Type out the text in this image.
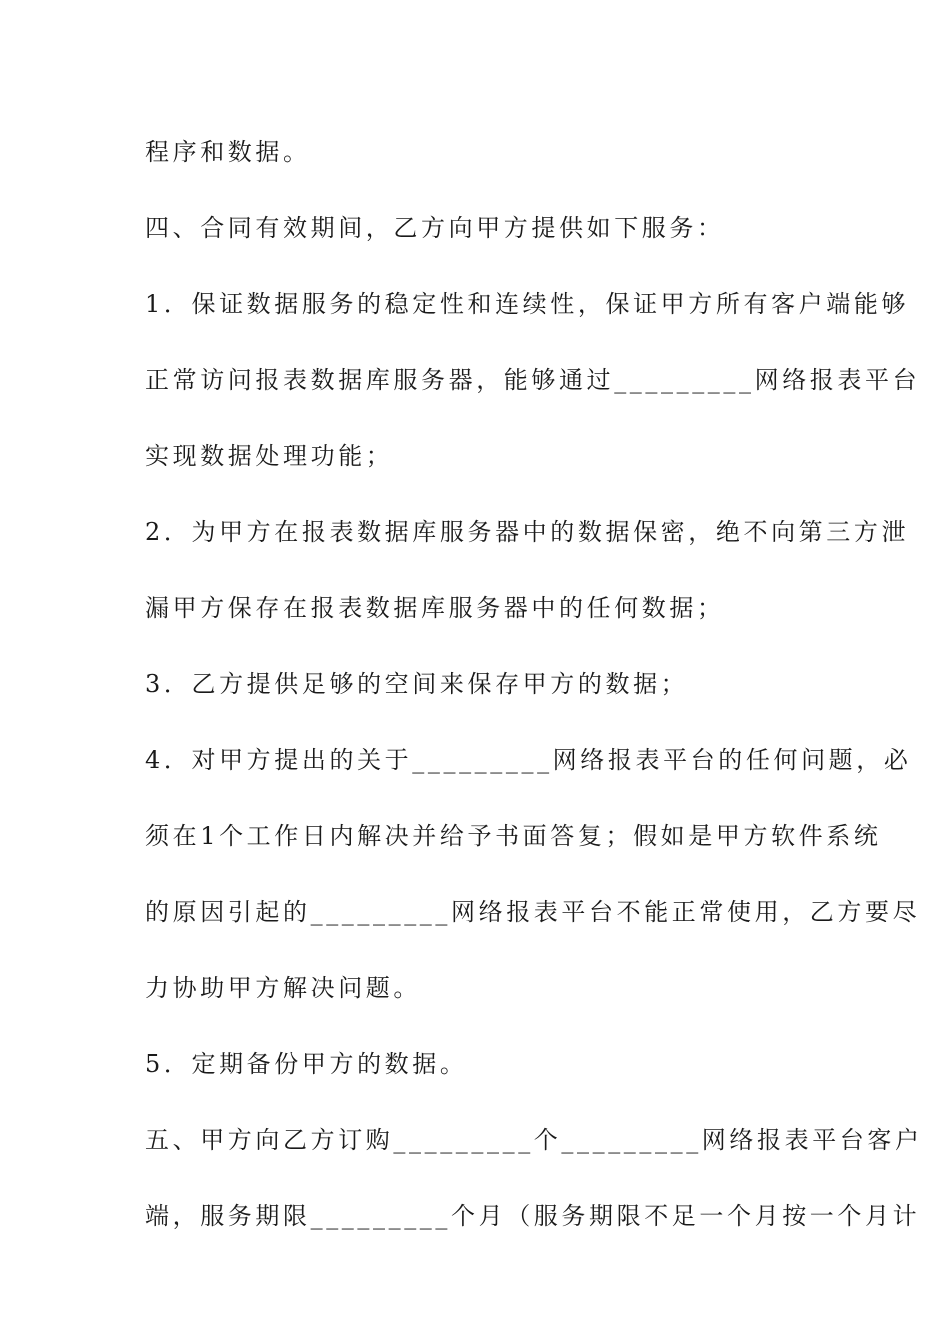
程序和数据。
四、合同有效期间，乙方向甲方提供如下服务：
1．保证数据服务的稳定性和连续性，保证甲方所有客户端能够
正常访问报表数据库服务器，能够通过_________网络报表平台
实现数据处理功能；
2．为甲方在报表数据库服务器中的数据保密，绝不向第三方泄
漏甲方保存在报表数据库服务器中的任何数据；
3．乙方提供足够的空间来保存甲方的数据；
4．对甲方提出的关于_________网络报表平台的任何问题，必
须在1个工作日内解决并给予书面答复；假如是甲方软件系统
的原因引起的_________网络报表平台不能正常使用，乙方要尽
力协助甲方解决问题。
5．定期备份甲方的数据。
五、甲方向乙方订购_________个_________网络报表平台客户
端，服务期限_________个月（服务期限不足一个月按一个月计
